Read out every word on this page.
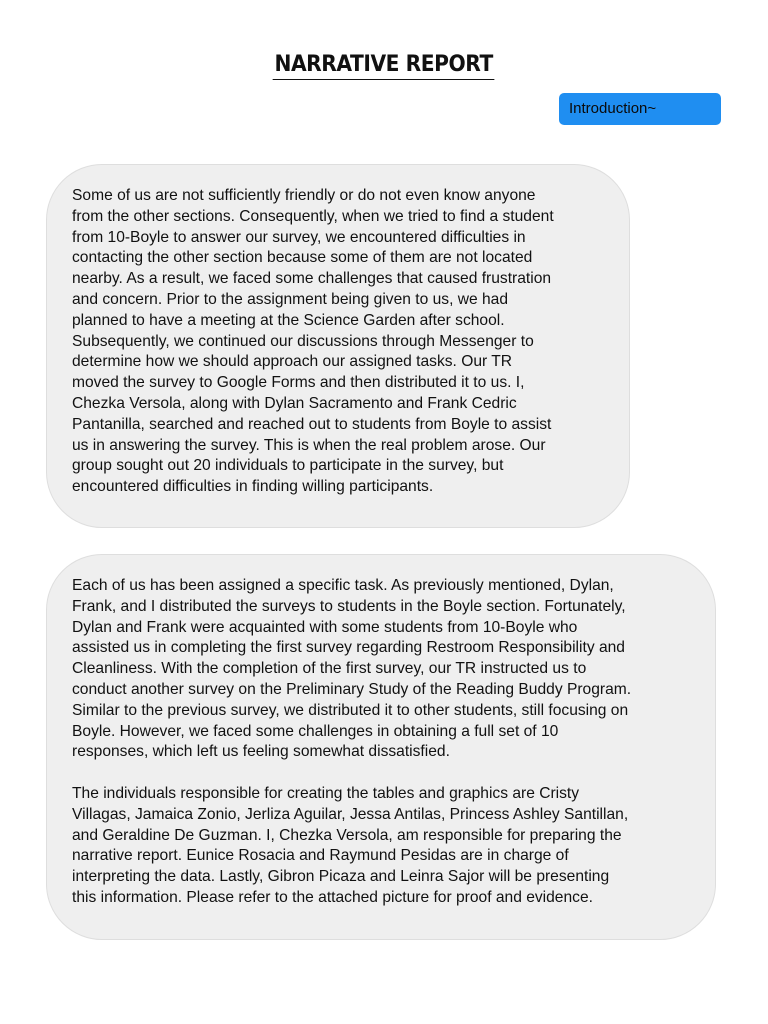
NARRATIVE REPORT
Introduction~

Some of us are not sufficiently friendly or do not even know anyone

from the other sections. Consequently, when we tried to find a student

from 10-Boyle to answer our survey, we encountered difficulties in

contacting the other section because some of them are not located

nearby. As a result, we faced some challenges that caused frustration

and concern. Prior to the assignment being given to us, we had

planned to have a meeting at the Science Garden after school.

Subsequently, we continued our discussions through Messenger to

determine how we should approach our assigned tasks. Our TR

moved the survey to Google Forms and then distributed it to us. I,

Chezka Versola, along with Dylan Sacramento and Frank Cedric

Pantanilla, searched and reached out to students from Boyle to assist

us in answering the survey. This is when the real problem arose. Our

group sought out 20 individuals to participate in the survey, but

encountered difficulties in finding willing participants.

Each of us has been assigned a specific task. As previously mentioned, Dylan,

Frank, and I distributed the surveys to students in the Boyle section. Fortunately,

Dylan and Frank were acquainted with some students from 10-Boyle who

assisted us in completing the first survey regarding Restroom Responsibility and

Cleanliness. With the completion of the first survey, our TR instructed us to

conduct another survey on the Preliminary Study of the Reading Buddy Program.

Similar to the previous survey, we distributed it to other students, still focusing on

Boyle. However, we faced some challenges in obtaining a full set of 10

responses, which left us feeling somewhat dissatisfied.

The individuals responsible for creating the tables and graphics are Cristy

Villagas, Jamaica Zonio, Jerliza Aguilar, Jessa Antilas, Princess Ashley Santillan,

and Geraldine De Guzman. I, Chezka Versola, am responsible for preparing the

narrative report. Eunice Rosacia and Raymund Pesidas are in charge of

interpreting the data. Lastly, Gibron Picaza and Leinra Sajor will be presenting

this information. Please refer to the attached picture for proof and evidence.
